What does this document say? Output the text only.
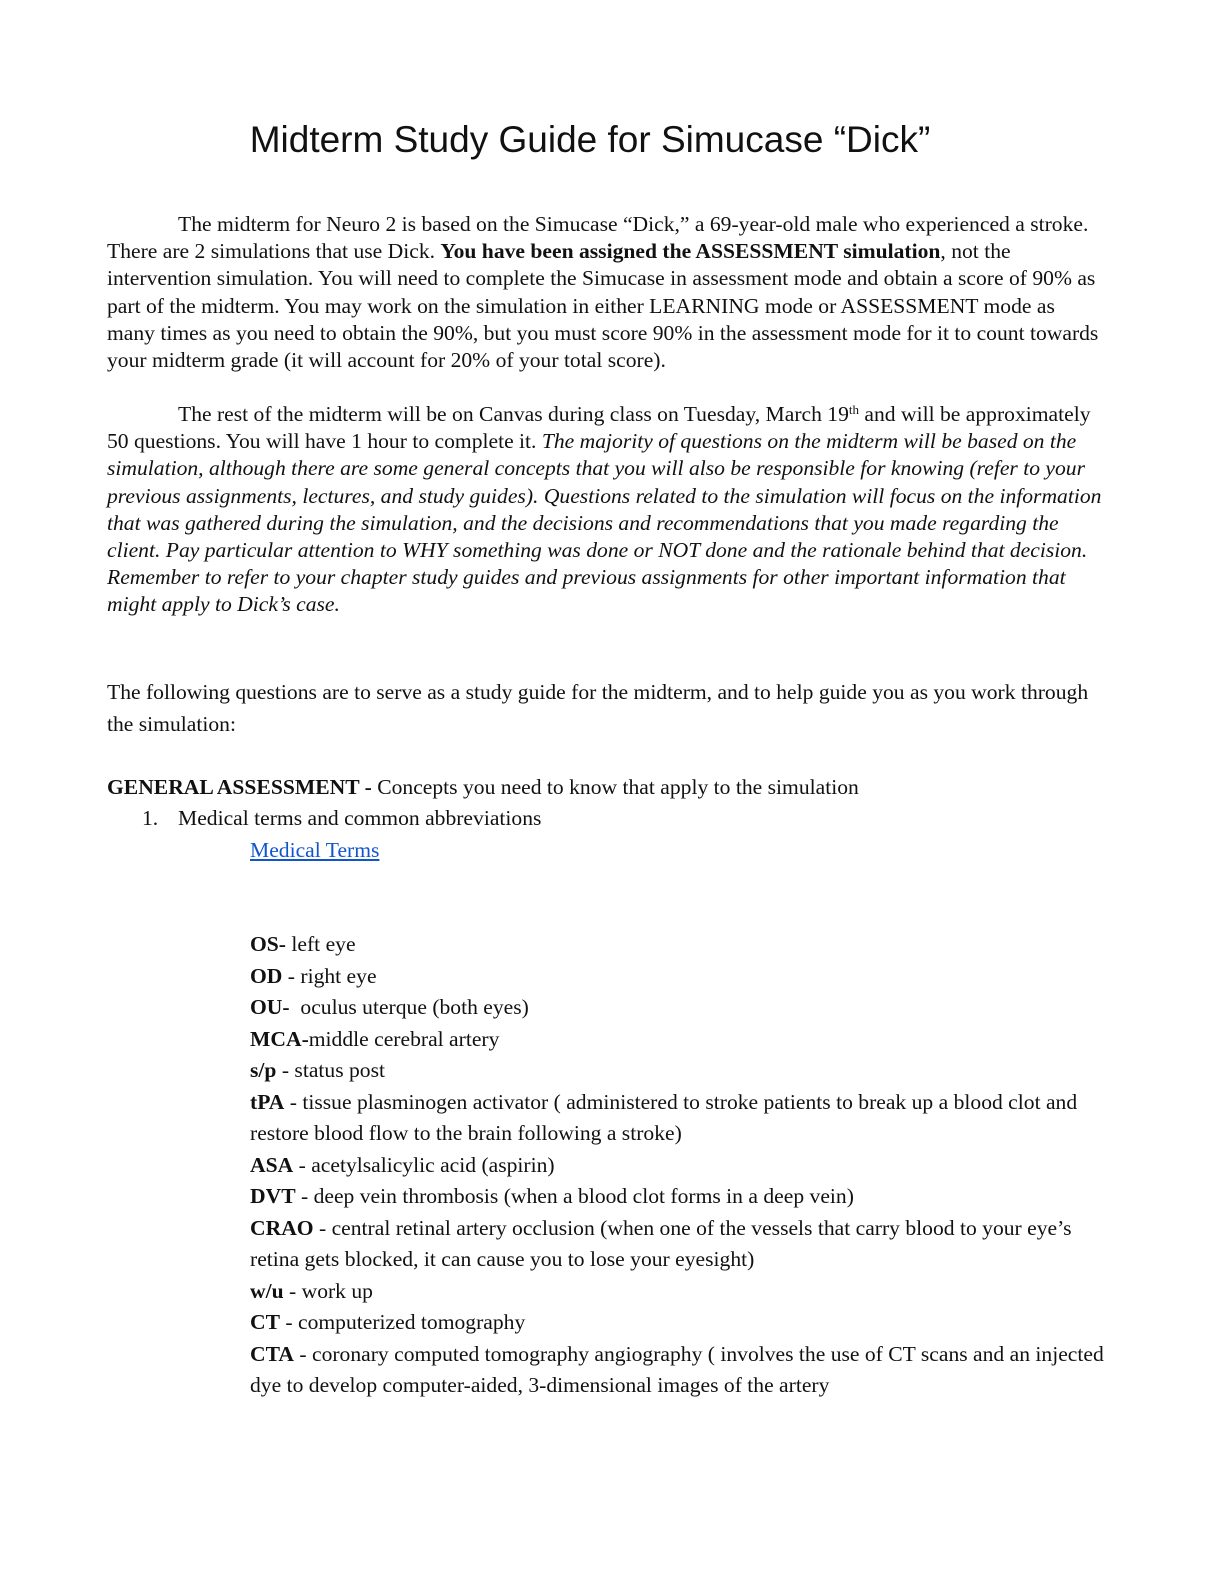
Midterm Study Guide for Simucase “Dick”

The midterm for Neuro 2 is based on the Simucase “Dick,” a 69-year-old male who experienced a stroke. There are 2 simulations that use Dick. You have been assigned the ASSESSMENT simulation, not the intervention simulation. You will need to complete the Simucase in assessment mode and obtain a score of 90% as part of the midterm. You may work on the simulation in either LEARNING mode or ASSESSMENT mode as many times as you need to obtain the 90%, but you must score 90% in the assessment mode for it to count towards your midterm grade (it will account for 20% of your total score).

The rest of the midterm will be on Canvas during class on Tuesday, March 19th and will be approximately 50 questions. You will have 1 hour to complete it. The majority of questions on the midterm will be based on the simulation, although there are some general concepts that you will also be responsible for knowing (refer to your previous assignments, lectures, and study guides). Questions related to the simulation will focus on the information that was gathered during the simulation, and the decisions and recommendations that you made regarding the client. Pay particular attention to WHY something was done or NOT done and the rationale behind that decision. Remember to refer to your chapter study guides and previous assignments for other important information that might apply to Dick’s case.

The following questions are to serve as a study guide for the midterm, and to help guide you as you work through the simulation:

GENERAL ASSESSMENT - Concepts you need to know that apply to the simulation

1. Medical terms and common abbreviations
Medical Terms

OS- left eye

OD - right eye

OU-  oculus uterque (both eyes)

MCA-middle cerebral artery

s/p - status post

tPA - tissue plasminogen activator ( administered to stroke patients to break up a blood clot and restore blood flow to the brain following a stroke)

ASA - acetylsalicylic acid (aspirin)

DVT - deep vein thrombosis (when a blood clot forms in a deep vein)

CRAO - central retinal artery occlusion (when one of the vessels that carry blood to your eye’s retina gets blocked, it can cause you to lose your eyesight)

w/u - work up

CT - computerized tomography

CTA - coronary computed tomography angiography ( involves the use of CT scans and an injected dye to develop computer-aided, 3-dimensional images of the artery
